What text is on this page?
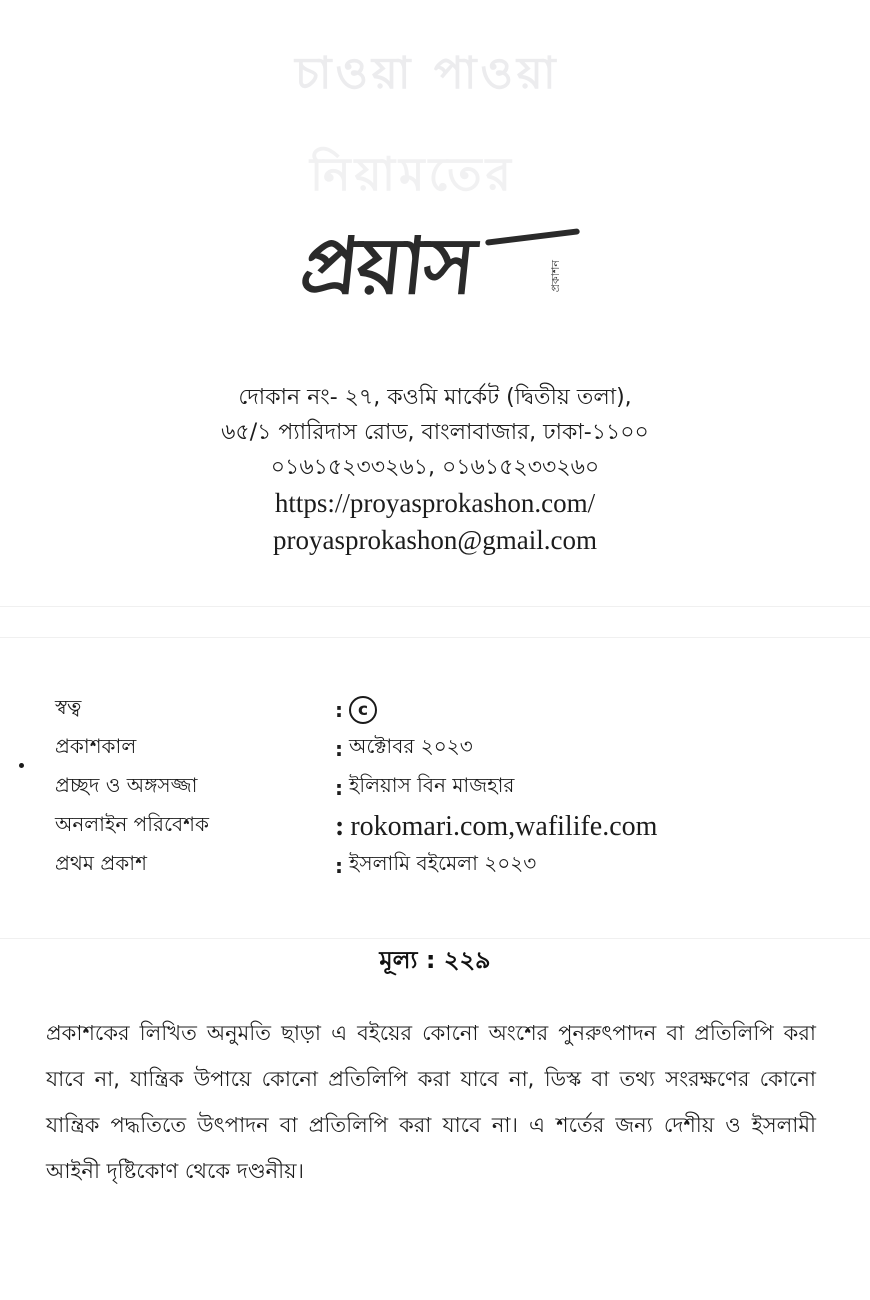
চাওয়া পাওয়া
নিয়ামতের
প্রয়াস	প্রকাশন
দোকান নং- ২৭, কওমি মার্কেট (দ্বিতীয় তলা),
৬৫/১ প্যারিদাস রোড, বাংলাবাজার, ঢাকা-১১০০
০১৬১৫২৩৩২৬১, ০১৬১৫২৩৩২৬০
https://proyasprokashon.com/
proyasprokashon@gmail.com
স্বত্ব	: c
প্রকাশকাল	: অক্টোবর ২০২৩
প্রচ্ছদ ও অঙ্গসজ্জা	: ইলিয়াস বিন মাজহার
অনলাইন পরিবেশক	: rokomari.com,wafilife.com
প্রথম প্রকাশ	: ইসলামি বইমেলা ২০২৩
মূল্য : ২২৯
প্রকাশকের লিখিত অনুমতি ছাড়া এ বইয়ের কোনো অংশের পুনরুৎপাদন বা প্রতিলিপি করা যাবে না, যান্ত্রিক উপায়ে কোনো প্রতিলিপি করা যাবে না, ডিস্ক বা তথ্য সংরক্ষণের কোনো যান্ত্রিক পদ্ধতিতে উৎপাদন বা প্রতিলিপি করা যাবে না। এ শর্তের জন্য দেশীয় ও ইসলামী আইনী দৃষ্টিকোণ থেকে দণ্ডনীয়।
